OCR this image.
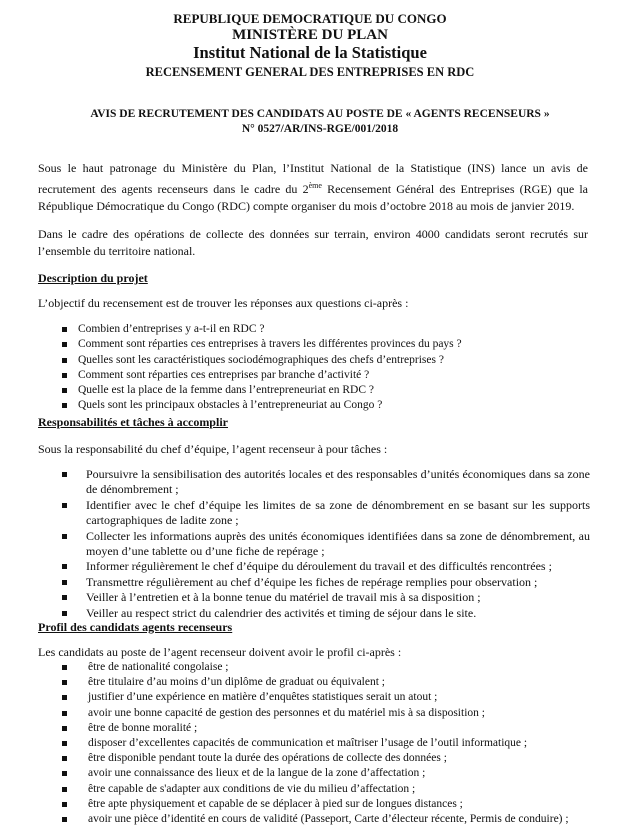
REPUBLIQUE DEMOCRATIQUE DU CONGO
MINISTÈRE DU PLAN
Institut National de la Statistique
RECENSEMENT GENERAL DES ENTREPRISES EN RDC
AVIS DE RECRUTEMENT DES CANDIDATS AU POSTE DE « AGENTS RECENSEURS »
N° 0527/AR/INS-RGE/001/2018
Sous le haut patronage du Ministère du Plan, l’Institut National de la Statistique (INS) lance un avis de recrutement des agents recenseurs dans le cadre du 2ème Recensement Général des Entreprises (RGE) que la République Démocratique du Congo (RDC) compte organiser du mois d’octobre 2018 au mois de janvier 2019.
Dans le cadre des opérations de collecte des données sur terrain, environ 4000 candidats seront recrutés sur l’ensemble du territoire national.
Description du projet
L’objectif du recensement est de trouver les réponses aux questions ci-après :
Combien d’entreprises y a-t-il en RDC ?
Comment sont réparties ces entreprises à travers les différentes provinces du pays ?
Quelles sont les caractéristiques sociodémographiques des chefs d’entreprises ?
Comment sont réparties ces entreprises par branche d’activité ?
Quelle est la place de la femme dans l’entrepreneuriat en RDC ?
Quels sont les principaux obstacles à l’entrepreneuriat au Congo ?
Responsabilités et tâches à accomplir
Sous la responsabilité du chef d’équipe, l’agent recenseur à pour tâches :
Poursuivre la sensibilisation des autorités locales et des responsables d’unités économiques dans sa zone de dénombrement ;
Identifier avec le chef d’équipe les limites de sa zone de dénombrement en se basant sur les supports cartographiques de ladite zone ;
Collecter les informations auprès des unités économiques identifiées dans sa zone de dénombrement, au moyen d’une tablette ou d’une fiche de repérage ;
Informer régulièrement le chef d’équipe du déroulement du travail et des difficultés rencontrées ;
Transmettre régulièrement au chef d’équipe les fiches de repérage remplies pour observation ;
Veiller à l’entretien et à la bonne tenue du matériel de travail mis à sa disposition ;
Veiller au respect strict du calendrier des activités et timing de séjour dans le site.
Profil des candidats agents recenseurs
Les candidats au poste de l’agent recenseur doivent avoir le profil ci-après :
être de nationalité congolaise ;
être titulaire d’au moins d’un diplôme de graduat ou équivalent ;
justifier d’une expérience en matière d’enquêtes statistiques serait un atout ;
avoir une bonne capacité de gestion des personnes et du matériel mis à sa disposition ;
être de bonne moralité ;
disposer d’excellentes capacités de communication et maîtriser l’usage de l’outil informatique ;
être disponible pendant toute la durée des opérations de collecte des données ;
avoir une connaissance des lieux et de la langue de la zone d’affectation ;
être capable de s'adapter aux conditions de vie du milieu d’affectation ;
être apte physiquement et capable de se déplacer à pied sur de longues distances ;
avoir une pièce d’identité en cours de validité (Passeport, Carte d’électeur récente, Permis de conduire) ;
